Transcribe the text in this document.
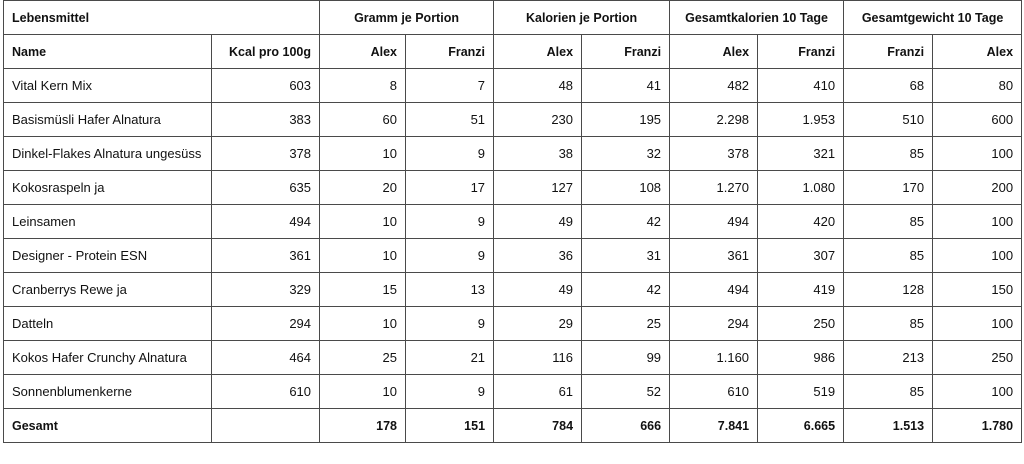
Lebensmittel		Gramm je Portion		Kalorien je Portion		Gesamtkalorien 10 Tage		Gesamtgewicht 10 Tage	
Name	Kcal pro 100g	Alex	Franzi	Alex	Franzi	Alex	Franzi	Franzi	Alex
Vital Kern Mix	603	8	7	48	41	482	410	68	80
Basismüsli Hafer Alnatura	383	60	51	230	195	2.298	1.953	510	600
Dinkel-Flakes Alnatura ungesüss	378	10	9	38	32	378	321	85	100
Kokosraspeln ja	635	20	17	127	108	1.270	1.080	170	200
Leinsamen	494	10	9	49	42	494	420	85	100
Designer - Protein ESN	361	10	9	36	31	361	307	85	100
Cranberrys Rewe ja	329	15	13	49	42	494	419	128	150
Datteln	294	10	9	29	25	294	250	85	100
Kokos Hafer Crunchy Alnatura	464	25	21	116	99	1.160	986	213	250
Sonnenblumenkerne	610	10	9	61	52	610	519	85	100
Gesamt		178	151	784	666	7.841	6.665	1.513	1.780
